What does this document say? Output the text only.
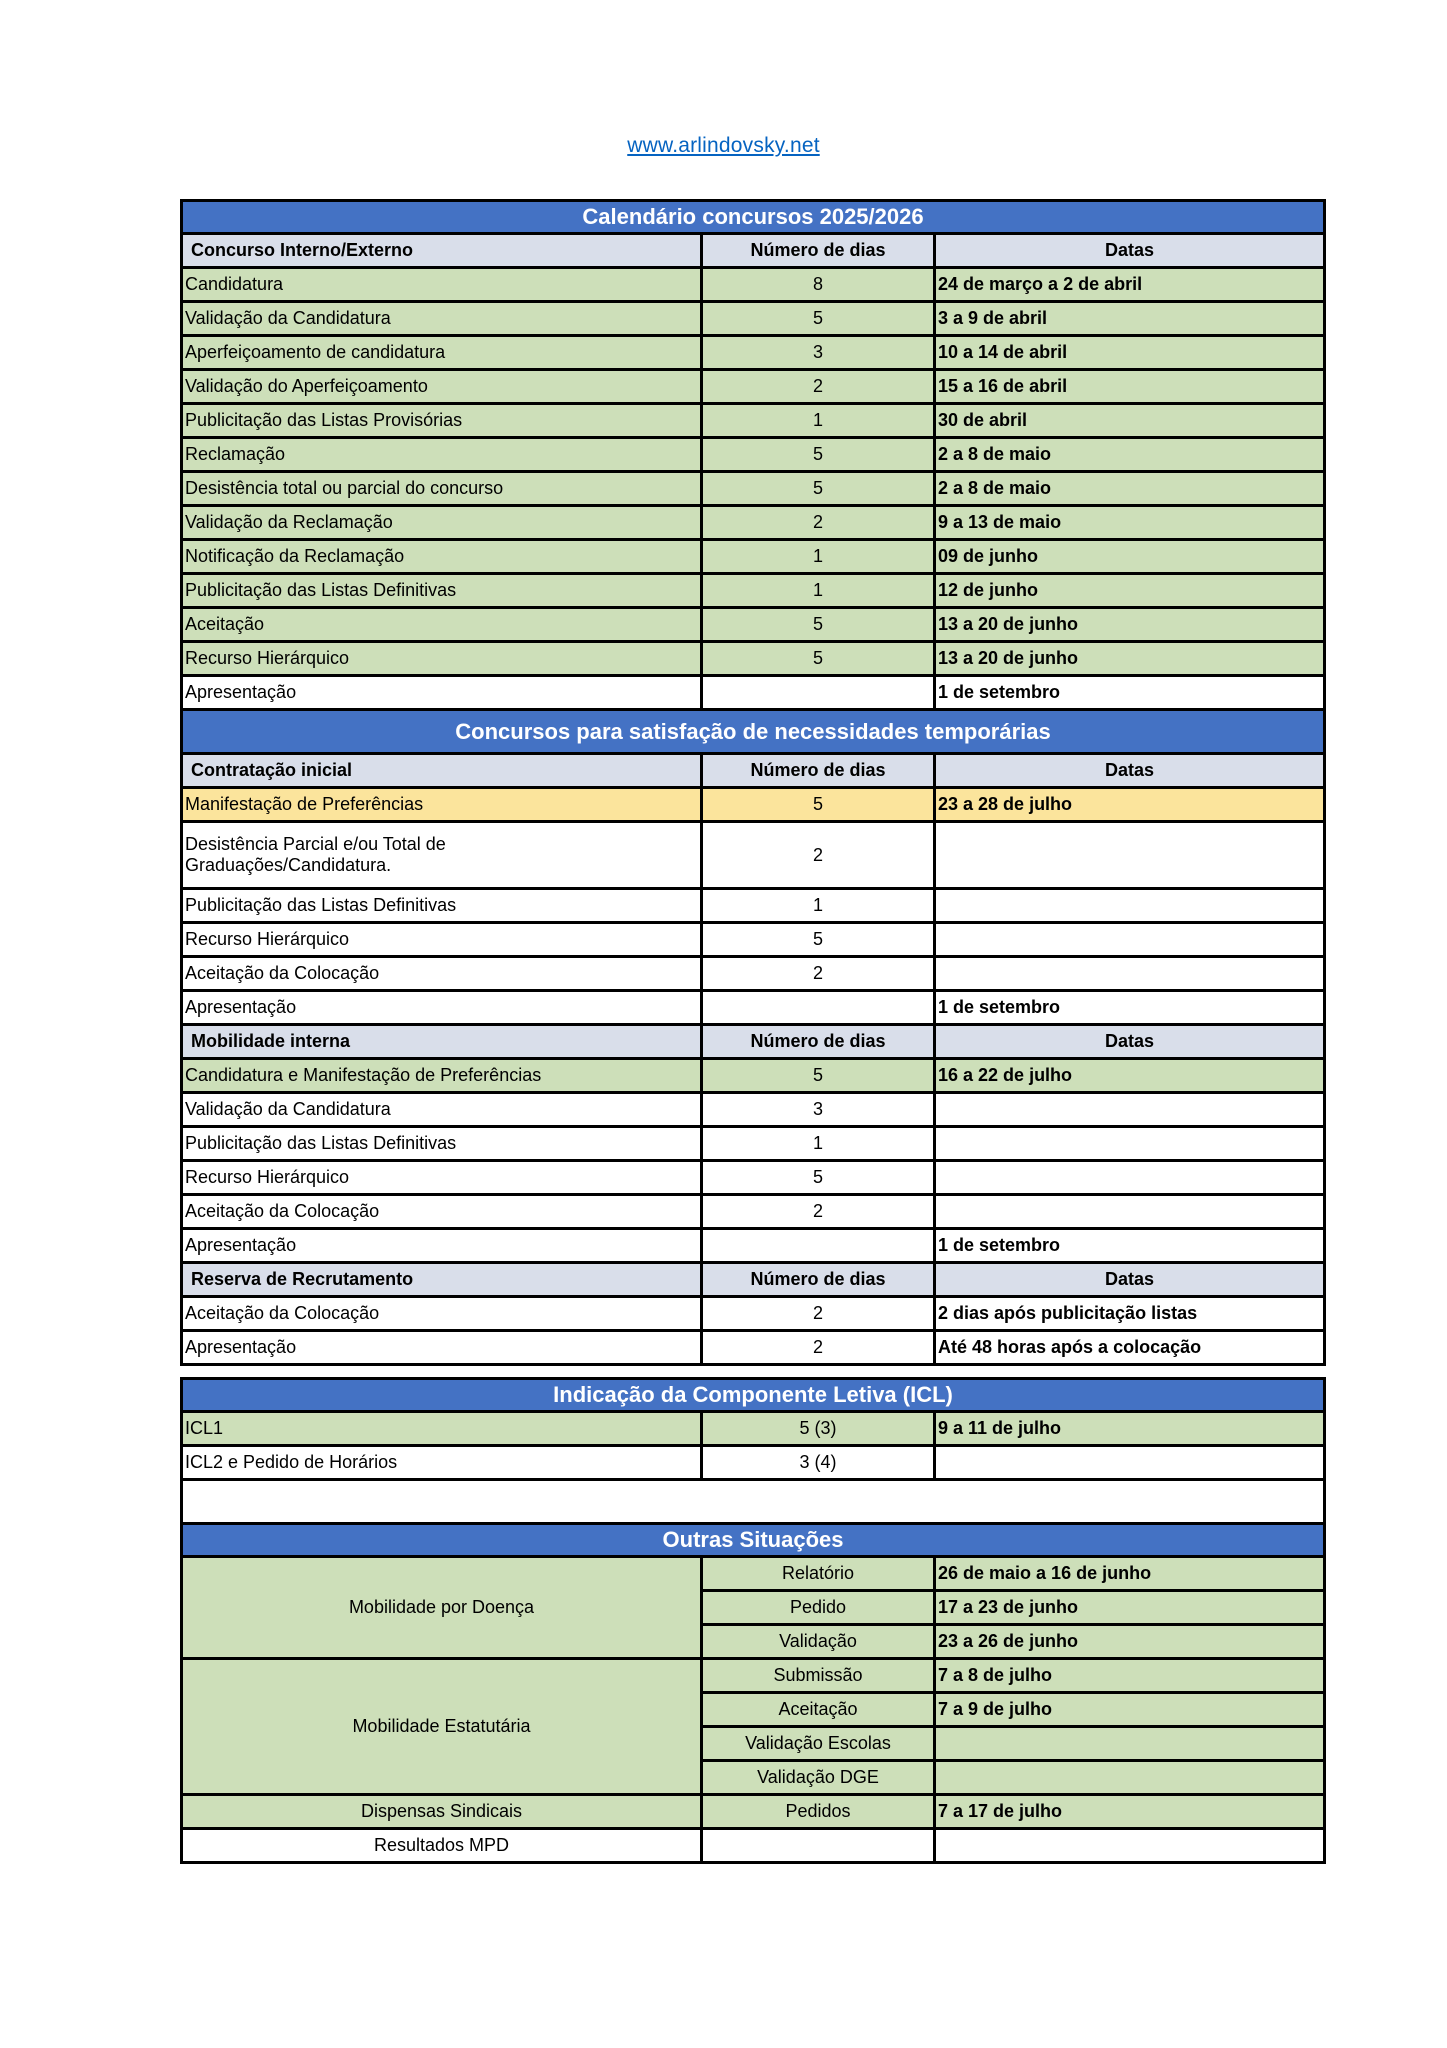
www.arlindovsky.net
Calendário concursos 2025/2026		
Concurso Interno/Externo	Número de dias	Datas
Candidatura	8	24 de março a 2 de abril
Validação da Candidatura	5	3 a 9 de abril
Aperfeiçoamento de candidatura	3	10 a 14 de abril
Validação do Aperfeiçoamento	2	15 a 16 de abril
Publicitação das Listas Provisórias	1	30 de abril
Reclamação	5	2 a 8 de maio
Desistência total ou parcial do concurso	5	2 a 8 de maio
Validação da Reclamação	2	9 a 13 de maio
Notificação da Reclamação	1	09 de junho
Publicitação das Listas Definitivas	1	12 de junho
Aceitação	5	13 a 20 de junho
Recurso Hierárquico	5	13 a 20 de junho
Apresentação		1 de setembro
Concursos para satisfação de necessidades temporárias		
Contratação inicial	Número de dias	Datas
Manifestação de Preferências	5	23 a 28 de julho

Desistência Parcial e/ou Total de
Graduações/Candidatura.	2	
Publicitação das Listas Definitivas	1	
Recurso Hierárquico	5	
Aceitação da Colocação	2	
Apresentação		1 de setembro
Mobilidade interna	Número de dias	Datas
Candidatura e Manifestação de Preferências	5	16 a 22 de julho
Validação da Candidatura	3	
Publicitação das Listas Definitivas	1	
Recurso Hierárquico	5	
Aceitação da Colocação	2	
Apresentação		1 de setembro
Reserva de Recrutamento	Número de dias	Datas
Aceitação da Colocação	2	2 dias após publicitação listas
Apresentação	2	Até 48 horas após a colocação
Indicação da Componente Letiva (ICL)		
ICL1	5 (3)	9 a 11 de julho
ICL2 e Pedido de Horários	3 (4)	

Outras Situações		
Mobilidade por Doença	Relatório	26 de maio a 16 de junho
	Pedido	17 a 23 de junho
	Validação	23 a 26 de junho
Mobilidade Estatutária	Submissão	7 a 8 de julho
	Aceitação	7 a 9 de julho
	Validação Escolas	
	Validação DGE	
Dispensas Sindicais	Pedidos	7 a 17 de julho
Resultados MPD		
